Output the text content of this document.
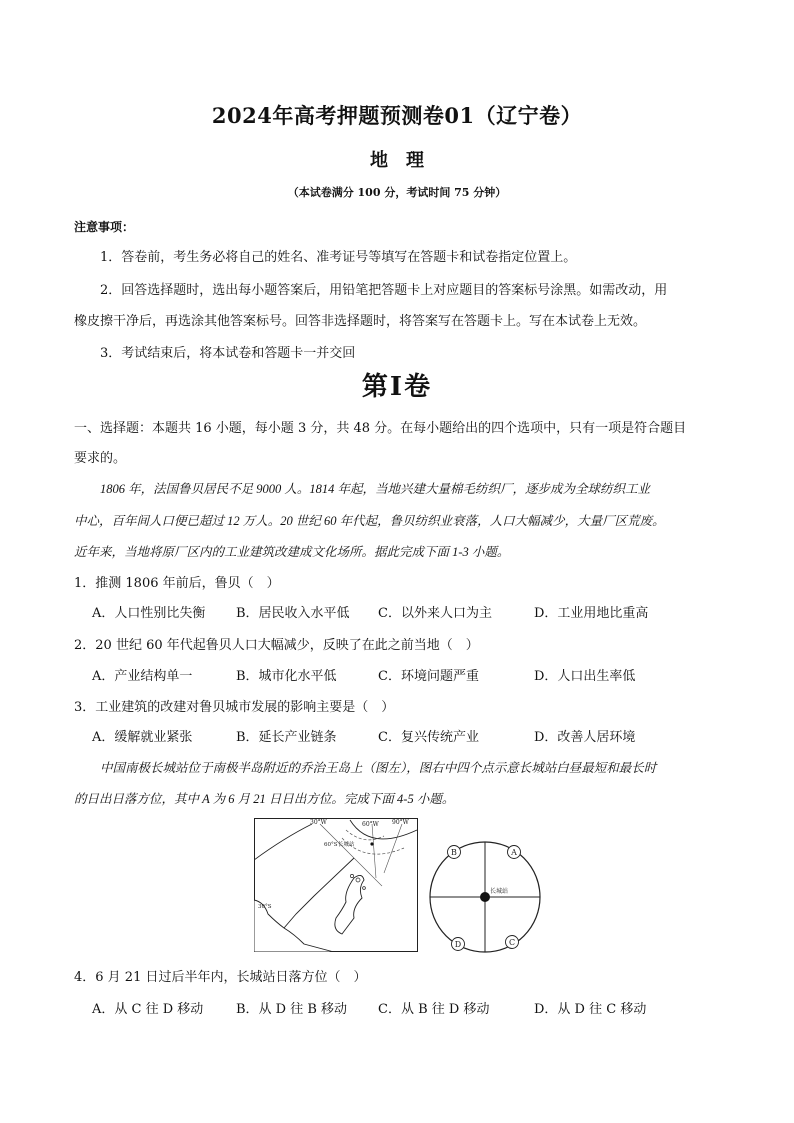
2024年高考押题预测卷01（辽宁卷）
地理
（本试卷满分 100 分，考试时间 75 分钟）
注意事项：
1．答卷前，考生务必将自己的姓名、准考证号等填写在答题卡和试卷指定位置上。
2．回答选择题时，选出每小题答案后，用铅笔把答题卡上对应题目的答案标号涂黑。如需改动，用
橡皮擦干净后，再选涂其他答案标号。回答非选择题时，将答案写在答题卡上。写在本试卷上无效。
3．考试结束后，将本试卷和答题卡一并交回
第Ⅰ卷
一、选择题：本题共 16 小题，每小题 3 分，共 48 分。在每小题给出的四个选项中，只有一项是符合题目
要求的。
1806 年，法国鲁贝居民不足 9000 人。1814 年起，当地兴建大量棉毛纺织厂，逐步成为全球纺织工业
中心，百年间人口便已超过 12 万人。20 世纪 60 年代起，鲁贝纺织业衰落，人口大幅减少，大量厂区荒废。
近年来，当地将原厂区内的工业建筑改建成文化场所。据此完成下面 1-3 小题。
1．推测 1806 年前后，鲁贝（　）
A．人口性别比失衡 B．居民收入水平低 C．以外来人口为主	D．工业用地比重高
2．20 世纪 60 年代起鲁贝人口大幅减少，反映了在此之前当地（　）
A．产业结构单一	B．城市化水平低	C．环境问题严重	D．人口出生率低
3．工业建筑的改建对鲁贝城市发展的影响主要是（　）
A．缓解就业紧张	B．延长产业链条	C．复兴传统产业	D．改善人居环境
中国南极长城站位于南极半岛附近的乔治王岛上（图左），图右中四个点示意长城站白昼最短和最长时
的日出日落方位，其中 A 为 6 月 21 日日出方位。完成下面 4-5 小题。
30°W	60°W 90°W
60°S 长城站
30°S
长城站
B	A
D	C
4．6 月 21 日过后半年内，长城站日落方位（　）
A．从 C 往 D 移动	B．从 D 往 B 移动 C．从 B 往 D 移动	D．从 D 往 C 移动
